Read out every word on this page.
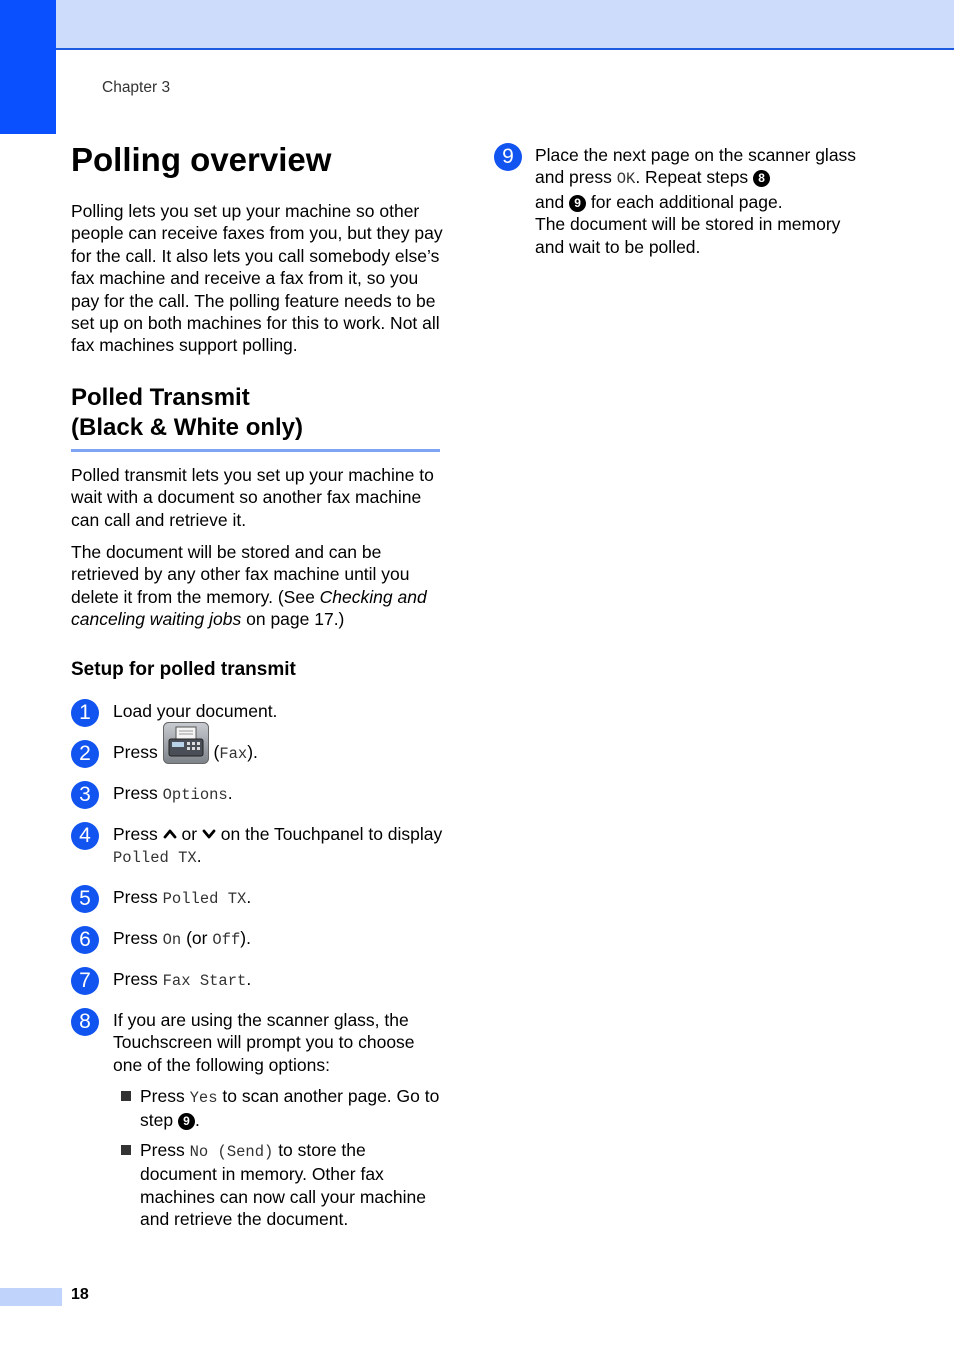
Chapter 3
Polling overview

Polling lets you set up your machine so other people can receive faxes from you, but they pay for the call. It also lets you call somebody else’s fax machine and receive a fax from it, so you pay for the call. The polling feature needs to be set up on both machines for this to work. Not all fax machines support polling.

Polled Transmit
(Black & White only)

Polled transmit lets you set up your machine to wait with a document so another fax machine can call and retrieve it.

The document will be stored and can be retrieved by any other fax machine until you delete it from the memory. (See Checking and canceling waiting jobs on page 17.)

Setup for polled transmit
1	Load your document.
2	Press	(Fax).
3	Press Options.
4	Press  or  on the Touchpanel to display Polled TX.
5	Press Polled TX.
6	Press On (or Off).
7	Press Fax Start.
8	If you are using the scanner glass, the Touchscreen will prompt you to choose one of the following options:
Press Yes to scan another page. Go to step 9 .
Press No (Send) to store the document in memory. Other fax machines can now call your machine and retrieve the document.
9	Place the next page on the scanner glass and press OK. Repeat steps 8
and 9 for each additional page.
The document will be stored in memory and wait to be polled.
18
